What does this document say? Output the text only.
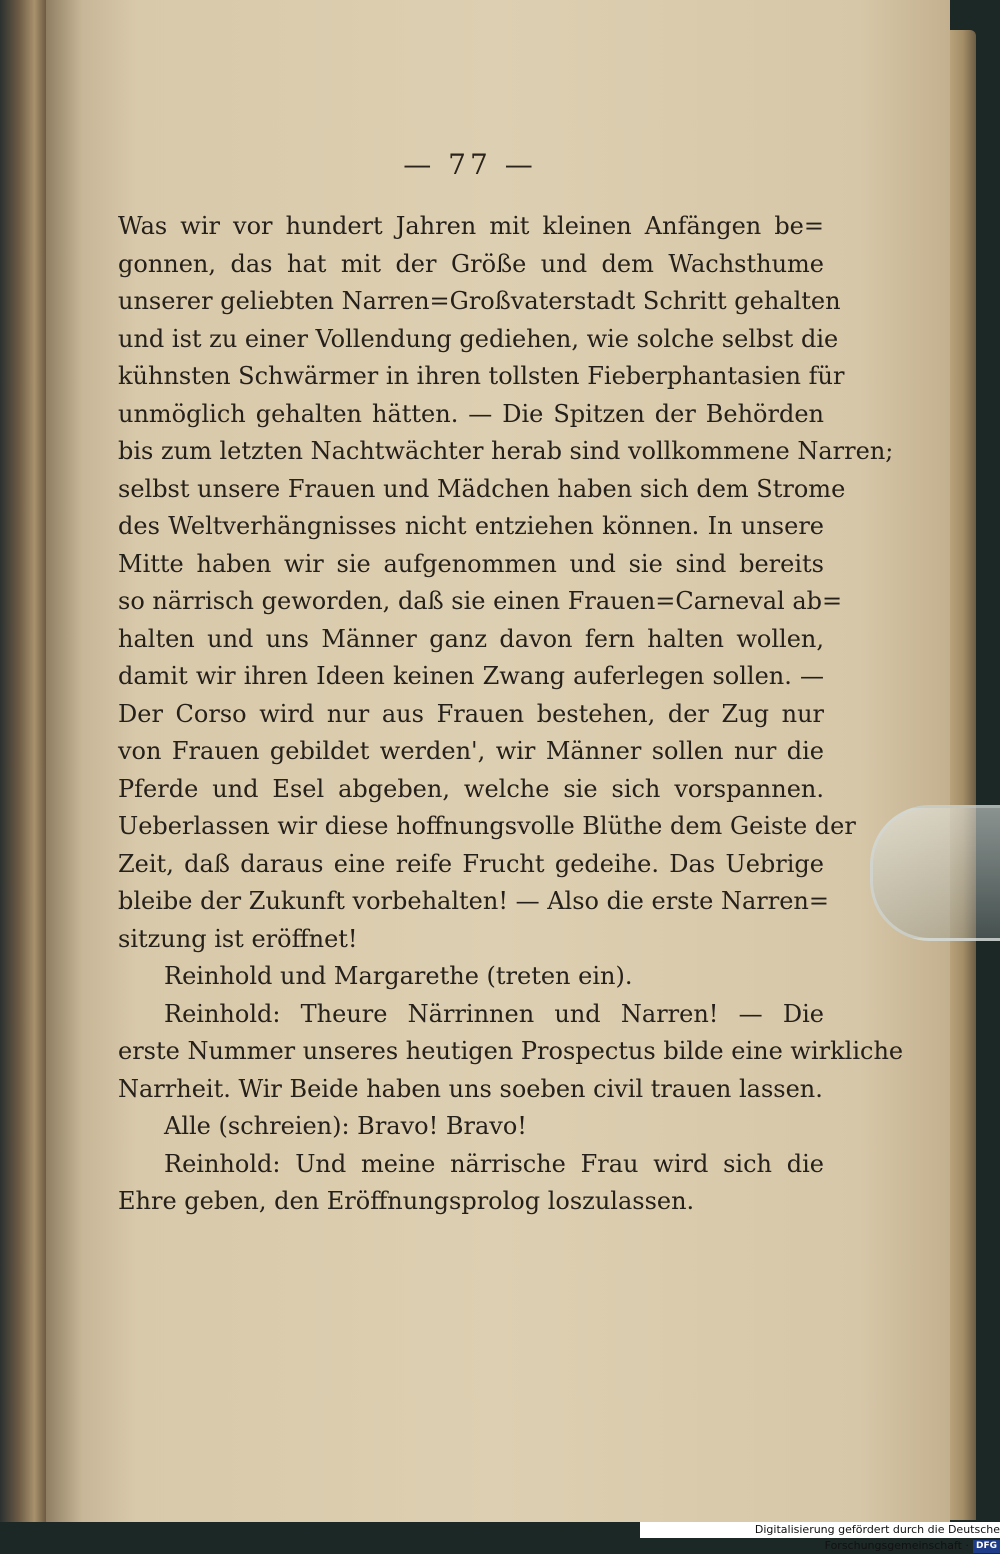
— 77 —
Was wir vor hundert Jahren mit kleinen Anfängen be=
gonnen, das hat mit der Größe und dem Wachsthume
unserer geliebten Narren=Großvaterstadt Schritt gehalten
und ist zu einer Vollendung gediehen, wie solche selbst die
kühnsten Schwärmer in ihren tollsten Fieberphantasien für
unmöglich gehalten hätten. — Die Spitzen der Behörden
bis zum letzten Nachtwächter herab sind vollkommene Narren;
selbst unsere Frauen und Mädchen haben sich dem Strome
des Weltverhängnisses nicht entziehen können. In unsere
Mitte haben wir sie aufgenommen und sie sind bereits
so närrisch geworden, daß sie einen Frauen=Carneval ab=
halten und uns Männer ganz davon fern halten wollen,
damit wir ihren Ideen keinen Zwang auferlegen sollen. —
Der Corso wird nur aus Frauen bestehen, der Zug nur
von Frauen gebildet werden', wir Männer sollen nur die
Pferde und Esel abgeben, welche sie sich vorspannen.
Ueberlassen wir diese hoffnungsvolle Blüthe dem Geiste der
Zeit, daß daraus eine reife Frucht gedeihe. Das Uebrige
bleibe der Zukunft vorbehalten! — Also die erste Narren=
sitzung ist eröffnet!
Reinhold und Margarethe (treten ein).
Reinhold: Theure Närrinnen und Narren! — Die
erste Nummer unseres heutigen Prospectus bilde eine wirkliche
Narrheit. Wir Beide haben uns soeben civil trauen lassen.
Alle (schreien): Bravo! Bravo!
Reinhold: Und meine närrische Frau wird sich die
Ehre geben, den Eröffnungsprolog loszulassen.
Digitalisierung gefördert durch die Deutsche Forschungsgemeinschaft · DFG
